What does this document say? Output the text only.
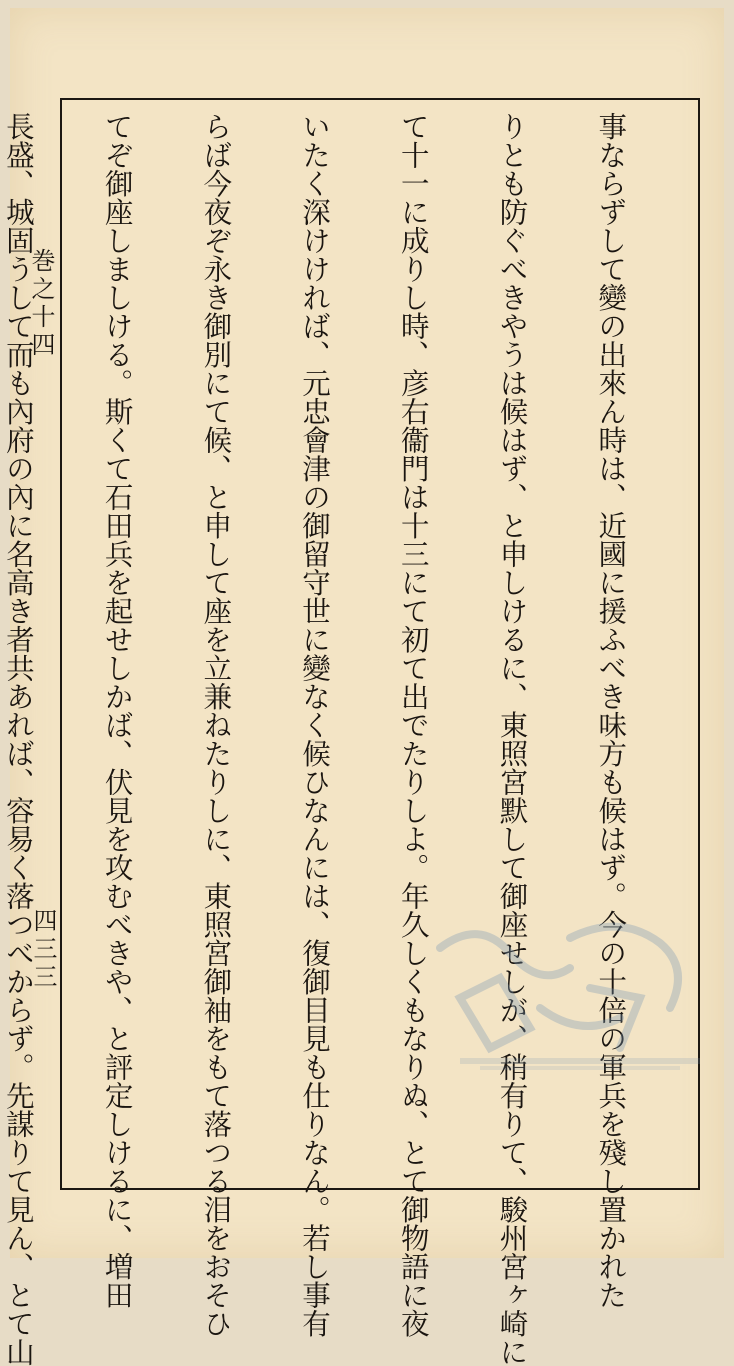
巻之十四
四三三

	事ならずして變の出來ん時は、近國に援ふべき味方も候はず。今の十倍の軍兵を殘し置かれた

りとも防ぐべきやうは候はず、と申しけるに、東照宮默して御座せしが、稍有りて、駿州宮ヶ崎に

て十一に成りし時、彦右衞門は十三にて初て出でたりしよ。年久しくもなりぬ、とて御物語に夜

いたく深けければ、元忠會津の御留守世に變なく候ひなんには、復御目見も仕りなん。若し事有

らば今夜ぞ永き御別にて候、と申して座を立兼ねたりしに、東照宮御袖をもて落つる泪をおそひ

てぞ御座しましける。斯くて石田兵を起せしかば、伏見を攻むべきや、と評定しけるに、増田

長盛、城固うして而も內府の內に名高き者共あれば、容易く落つべからず。先謀りて見ん、とて山
